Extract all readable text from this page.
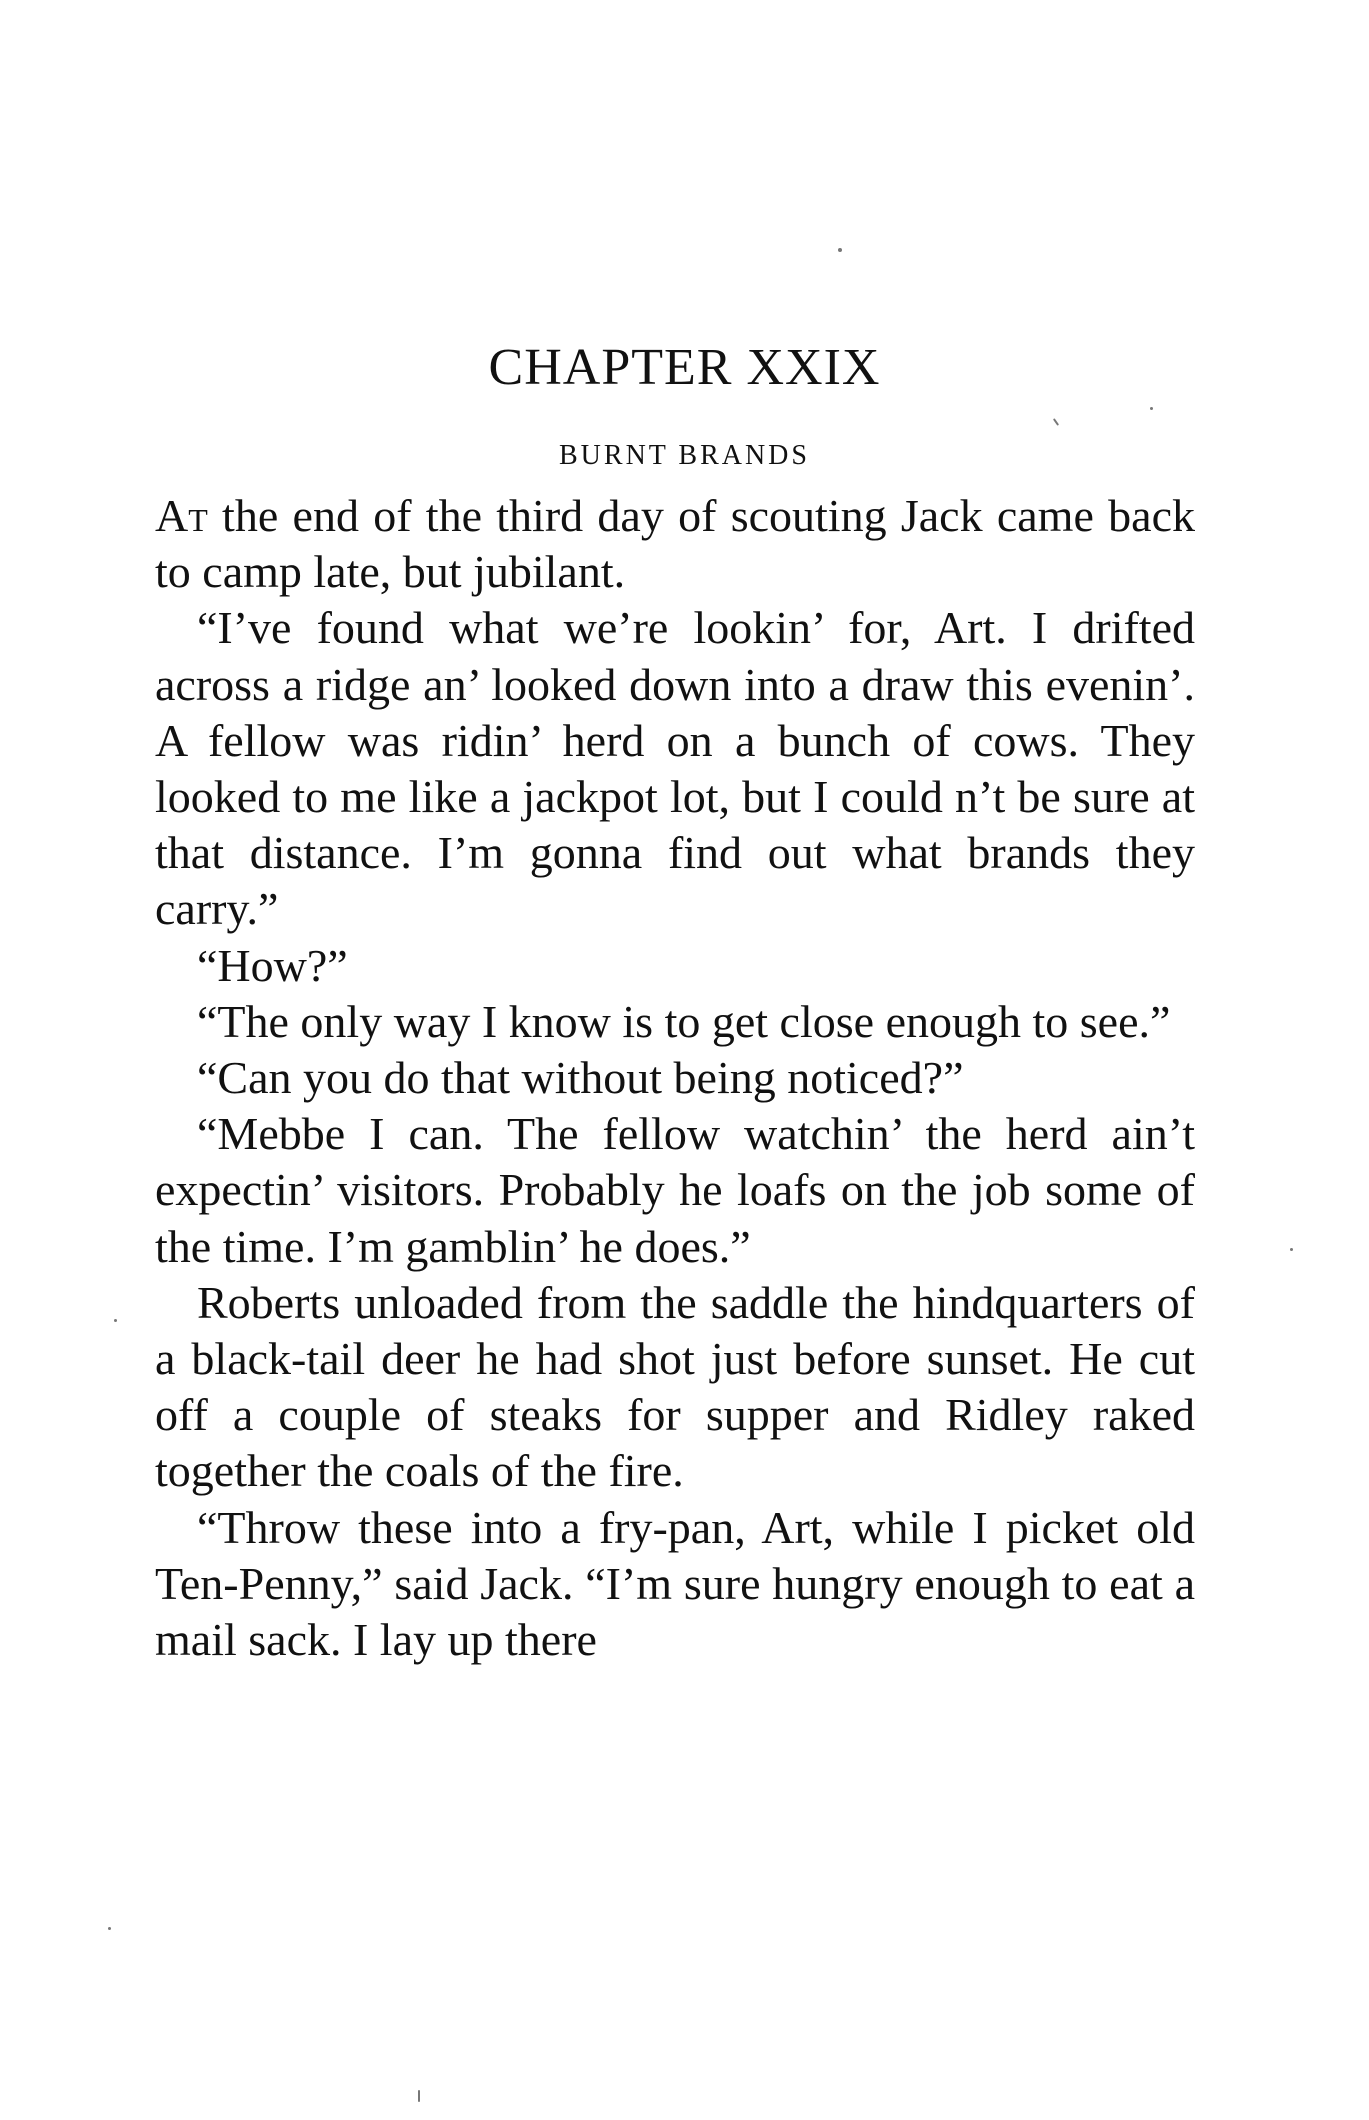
CHAPTER XXIX
BURNT BRANDS

At the end of the third day of scouting Jack came back to camp late, but jubilant.

“I’ve found what we’re lookin’ for, Art. I drifted across a ridge an’ looked down into a draw this evenin’. A fellow was ridin’ herd on a bunch of cows. They looked to me like a jackpot lot, but I could n’t be sure at that distance. I’m gonna find out what brands they carry.”

“How?”

“The only way I know is to get close enough to see.”

“Can you do that without being noticed?”

“Mebbe I can. The fellow watchin’ the herd ain’t expectin’ visitors. Probably he loafs on the job some of the time. I’m gamblin’ he does.”

Roberts unloaded from the saddle the hindquarters of a black-tail deer he had shot just before sunset. He cut off a couple of steaks for supper and Ridley raked together the coals of the fire.

“Throw these into a fry-pan, Art, while I picket old Ten-Penny,” said Jack. “I’m sure hungry enough to eat a mail sack. I lay up there
